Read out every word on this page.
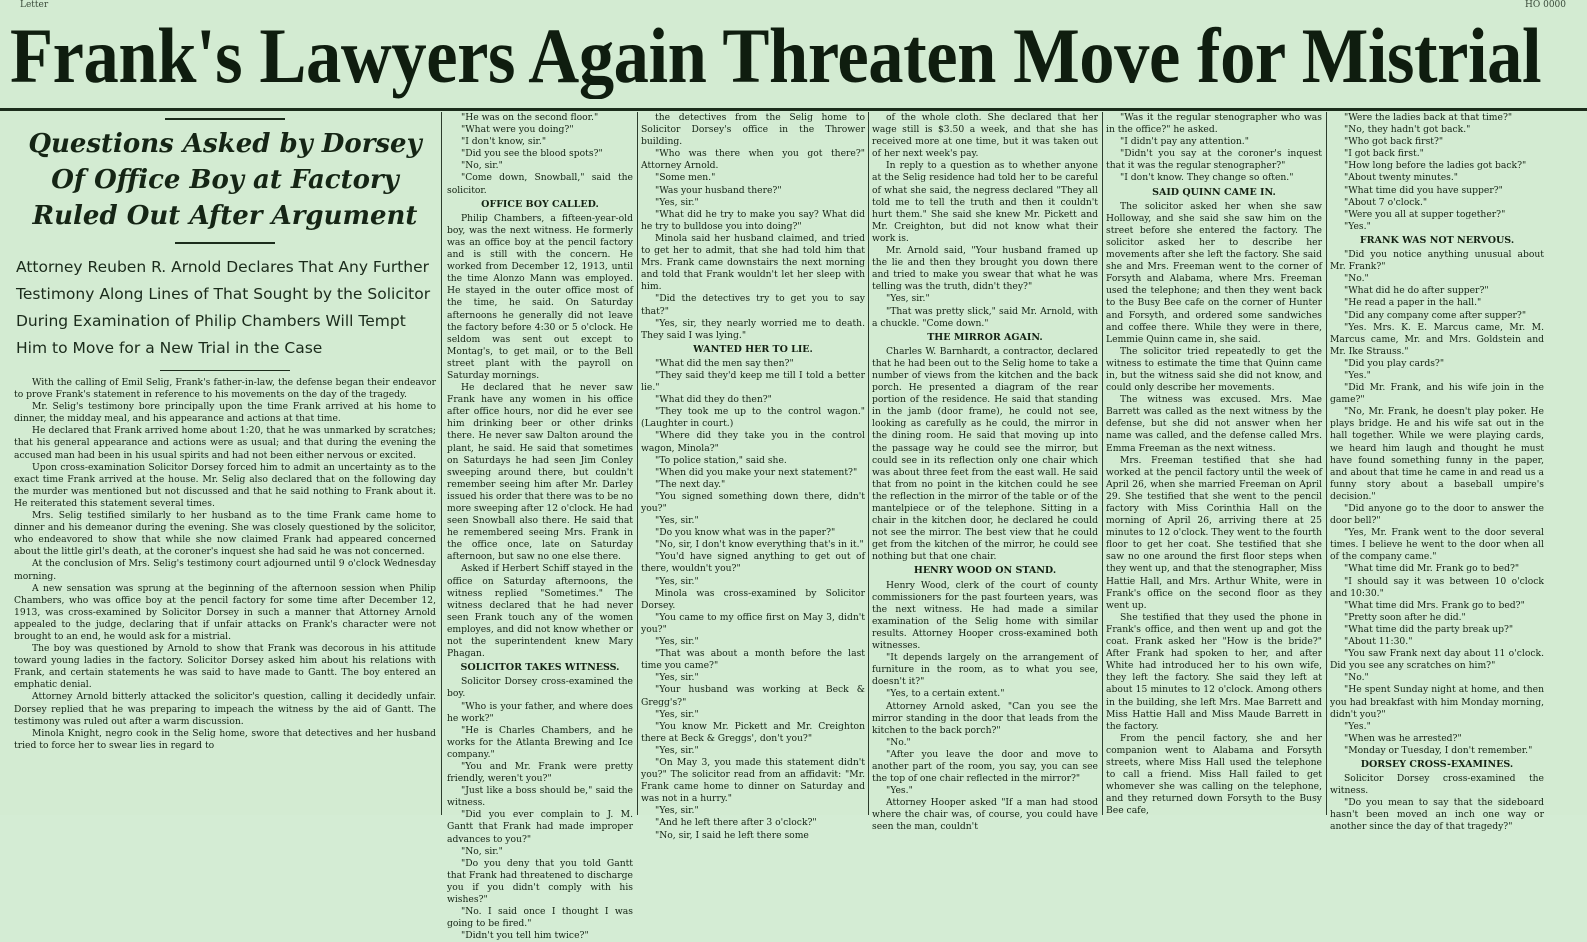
Letter	HO 0000
Frank's Lawyers Again Threaten Move for Mistrial
Questions Asked by Dorsey
Of Office Boy at Factory
Ruled Out After Argument
Attorney Reuben R. Arnold Declares That Any Further Testimony Along Lines of That Sought by the Solicitor During Examination of Philip Chambers Will Tempt Him to Move for a New Trial in the Case

With the calling of Emil Selig, Frank's father-in-law, the defense began their endeavor to prove Frank's statement in reference to his movements on the day of the tragedy.

Mr. Selig's testimony bore principally upon the time Frank arrived at his home to dinner, the midday meal, and his appearance and actions at that time.

He declared that Frank arrived home about 1:20, that he was unmarked by scratches; that his general appearance and actions were as usual; and that during the evening the accused man had been in his usual spirits and had not been either nervous or excited.

Upon cross-examination Solicitor Dorsey forced him to admit an uncertainty as to the exact time Frank arrived at the house. Mr. Selig also declared that on the following day the murder was mentioned but not discussed and that he said nothing to Frank about it. He reiterated this statement several times.

Mrs. Selig testified similarly to her husband as to the time Frank came home to dinner and his demeanor during the evening. She was closely questioned by the solicitor, who endeavored to show that while she now claimed Frank had appeared concerned about the little girl's death, at the coroner's inquest she had said he was not concerned.

At the conclusion of Mrs. Selig's testimony court adjourned until 9 o'clock Wednesday morning.

A new sensation was sprung at the beginning of the afternoon session when Philip Chambers, who was office boy at the pencil factory for some time after December 12, 1913, was cross-examined by Solicitor Dorsey in such a manner that Attorney Arnold appealed to the judge, declaring that if unfair attacks on Frank's character were not brought to an end, he would ask for a mistrial.

The boy was questioned by Arnold to show that Frank was decorous in his attitude toward young ladies in the factory. Solicitor Dorsey asked him about his relations with Frank, and certain statements he was said to have made to Gantt. The boy entered an emphatic denial.

Attorney Arnold bitterly attacked the solicitor's question, calling it decidedly unfair. Dorsey replied that he was preparing to impeach the witness by the aid of Gantt. The testimony was ruled out after a warm discussion.

Minola Knight, negro cook in the Selig home, swore that detectives and her husband tried to force her to swear lies in regard to

"He was on the second floor."

"What were you doing?"

"I don't know, sir."

"Did you see the blood spots?"

"No, sir."

"Come down, Snowball," said the solicitor.

OFFICE BOY CALLED.

Philip Chambers, a fifteen-year-old boy, was the next witness. He formerly was an office boy at the pencil factory and is still with the concern. He worked from December 12, 1913, until the time Alonzo Mann was employed. He stayed in the outer office most of the time, he said. On Saturday afternoons he generally did not leave the factory before 4:30 or 5 o'clock. He seldom was sent out except to Montag's, to get mail, or to the Bell street plant with the payroll on Saturday mornings.

He declared that he never saw Frank have any women in his office after office hours, nor did he ever see him drinking beer or other drinks there. He never saw Dalton around the plant, he said. He said that sometimes on Saturdays he had seen Jim Conley sweeping around there, but couldn't remember seeing him after Mr. Darley issued his order that there was to be no more sweeping after 12 o'clock. He had seen Snowball also there. He said that he remembered seeing Mrs. Frank in the office once, late on Saturday afternoon, but saw no one else there.

Asked if Herbert Schiff stayed in the office on Saturday afternoons, the witness replied "Sometimes." The witness declared that he had never seen Frank touch any of the women employes, and did not know whether or not the superintendent knew Mary Phagan.

SOLICITOR TAKES WITNESS.

Solicitor Dorsey cross-examined the boy.

"Who is your father, and where does he work?"

"He is Charles Chambers, and he works for the Atlanta Brewing and Ice company."

"You and Mr. Frank were pretty friendly, weren't you?"

"Just like a boss should be," said the witness.

"Did you ever complain to J. M. Gantt that Frank had made improper advances to you?"

"No, sir."

"Do you deny that you told Gantt that Frank had threatened to discharge you if you didn't comply with his wishes?"

"No. I said once I thought I was going to be fired."

"Didn't you tell him twice?"

the detectives from the Selig home to Solicitor Dorsey's office in the Thrower building.

"Who was there when you got there?" Attorney Arnold.

"Some men."

"Was your husband there?"

"Yes, sir."

"What did he try to make you say? What did he try to bulldose you into doing?"

Minola said her husband claimed, and tried to get her to admit, that she had told him that Mrs. Frank came downstairs the next morning and told that Frank wouldn't let her sleep with him.

"Did the detectives try to get you to say that?"

"Yes, sir, they nearly worried me to death. They said I was lying."

WANTED HER TO LIE.

"What did the men say then?"

"They said they'd keep me till I told a better lie."

"What did they do then?"

"They took me up to the control wagon." (Laughter in court.)

"Where did they take you in the control wagon, Minola?"

"To police station," said she.

"When did you make your next statement?"

"The next day."

"You signed something down there, didn't you?"

"Yes, sir."

"Do you know what was in the paper?"

"No, sir, I don't know everything that's in it."

"You'd have signed anything to get out of there, wouldn't you?"

"Yes, sir."

Minola was cross-examined by Solicitor Dorsey.

"You came to my office first on May 3, didn't you?"

"Yes, sir."

"That was about a month before the last time you came?"

"Yes, sir."

"Your husband was working at Beck & Gregg's?"

"Yes, sir."

"You know Mr. Pickett and Mr. Creighton there at Beck & Greggs', don't you?"

"Yes, sir."

"On May 3, you made this statement didn't you?" The solicitor read from an affidavit: "Mr. Frank came home to dinner on Saturday and was not in a hurry."

"Yes, sir."

"And he left there after 3 o'clock?"

"No, sir, I said he left there some

of the whole cloth. She declared that her wage still is $3.50 a week, and that she has received more at one time, but it was taken out of her next week's pay.

In reply to a question as to whether anyone at the Selig residence had told her to be careful of what she said, the negress declared "They all told me to tell the truth and then it couldn't hurt them." She said she knew Mr. Pickett and Mr. Creighton, but did not know what their work is.

Mr. Arnold said, "Your husband framed up the lie and then they brought you down there and tried to make you swear that what he was telling was the truth, didn't they?"

"Yes, sir."

"That was pretty slick," said Mr. Arnold, with a chuckle. "Come down."

THE MIRROR AGAIN.

Charles W. Barnhardt, a contractor, declared that he had been out to the Selig home to take a number of views from the kitchen and the back porch. He presented a diagram of the rear portion of the residence. He said that standing in the jamb (door frame), he could not see, looking as carefully as he could, the mirror in the dining room. He said that moving up into the passage way he could see the mirror, but could see in its reflection only one chair which was about three feet from the east wall. He said that from no point in the kitchen could he see the reflection in the mirror of the table or of the mantelpiece or of the telephone. Sitting in a chair in the kitchen door, he declared he could not see the mirror. The best view that he could get from the kitchen of the mirror, he could see nothing but that one chair.

HENRY WOOD ON STAND.

Henry Wood, clerk of the court of county commissioners for the past fourteen years, was the next witness. He had made a similar examination of the Selig home with similar results. Attorney Hooper cross-examined both witnesses.

"It depends largely on the arrangement of furniture in the room, as to what you see, doesn't it?"

"Yes, to a certain extent."

Attorney Arnold asked, "Can you see the mirror standing in the door that leads from the kitchen to the back porch?"

"No."

"After you leave the door and move to another part of the room, you say, you can see the top of one chair reflected in the mirror?"

"Yes."

Attorney Hooper asked "If a man had stood where the chair was, of course, you could have seen the man, couldn't

"Was it the regular stenographer who was in the office?" he asked.

"I didn't pay any attention."

"Didn't you say at the coroner's inquest that it was the regular stenographer?"

"I don't know. They change so often."

SAID QUINN CAME IN.

The solicitor asked her when she saw Holloway, and she said she saw him on the street before she entered the factory. The solicitor asked her to describe her movements after she left the factory. She said she and Mrs. Freeman went to the corner of Forsyth and Alabama, where Mrs. Freeman used the telephone; and then they went back to the Busy Bee cafe on the corner of Hunter and Forsyth, and ordered some sandwiches and coffee there. While they were in there, Lemmie Quinn came in, she said.

The solicitor tried repeatedly to get the witness to estimate the time that Quinn came in, but the witness said she did not know, and could only describe her movements.

The witness was excused. Mrs. Mae Barrett was called as the next witness by the defense, but she did not answer when her name was called, and the defense called Mrs. Emma Freeman as the next witness.

Mrs. Freeman testified that she had worked at the pencil factory until the week of April 26, when she married Freeman on April 29. She testified that she went to the pencil factory with Miss Corinthia Hall on the morning of April 26, arriving there at 25 minutes to 12 o'clock. They went to the fourth floor to get her coat. She testified that she saw no one around the first floor steps when they went up, and that the stenographer, Miss Hattie Hall, and Mrs. Arthur White, were in Frank's office on the second floor as they went up.

She testified that they used the phone in Frank's office, and then went up and got the coat. Frank asked her "How is the bride?" After Frank had spoken to her, and after White had introduced her to his own wife, they left the factory. She said they left at about 15 minutes to 12 o'clock. Among others in the building, she left Mrs. Mae Barrett and Miss Hattie Hall and Miss Maude Barrett in the factory.

From the pencil factory, she and her companion went to Alabama and Forsyth streets, where Miss Hall used the telephone to call a friend. Miss Hall failed to get whomever she was calling on the telephone, and they returned down Forsyth to the Busy Bee cafe,

"Were the ladies back at that time?"

"No, they hadn't got back."

"Who got back first?"

"I got back first."

"How long before the ladies got back?"

"About twenty minutes."

"What time did you have supper?"

"About 7 o'clock."

"Were you all at supper together?"

"Yes."

FRANK WAS NOT NERVOUS.

"Did you notice anything unusual about Mr. Frank?"

"No."

"What did he do after supper?"

"He read a paper in the hall."

"Did any company come after supper?"

"Yes. Mrs. K. E. Marcus came, Mr. M. Marcus came, Mr. and Mrs. Goldstein and Mr. Ike Strauss."

"Did you play cards?"

"Yes."

"Did Mr. Frank, and his wife join in the game?"

"No, Mr. Frank, he doesn't play poker. He plays bridge. He and his wife sat out in the hall together. While we were playing cards, we heard him laugh and thought he must have found something funny in the paper, and about that time he came in and read us a funny story about a baseball umpire's decision."

"Did anyone go to the door to answer the door bell?"

"Yes, Mr. Frank went to the door several times. I believe he went to the door when all of the company came."

"What time did Mr. Frank go to bed?"

"I should say it was between 10 o'clock and 10:30."

"What time did Mrs. Frank go to bed?"

"Pretty soon after he did."

"What time did the party break up?"

"About 11:30."

"You saw Frank next day about 11 o'clock. Did you see any scratches on him?"

"No."

"He spent Sunday night at home, and then you had breakfast with him Monday morning, didn't you?"

"Yes."

"When was he arrested?"

"Monday or Tuesday, I don't remember."

DORSEY CROSS-EXAMINES.

Solicitor Dorsey cross-examined the witness.

"Do you mean to say that the sideboard hasn't been moved an inch one way or another since the day of that tragedy?"
